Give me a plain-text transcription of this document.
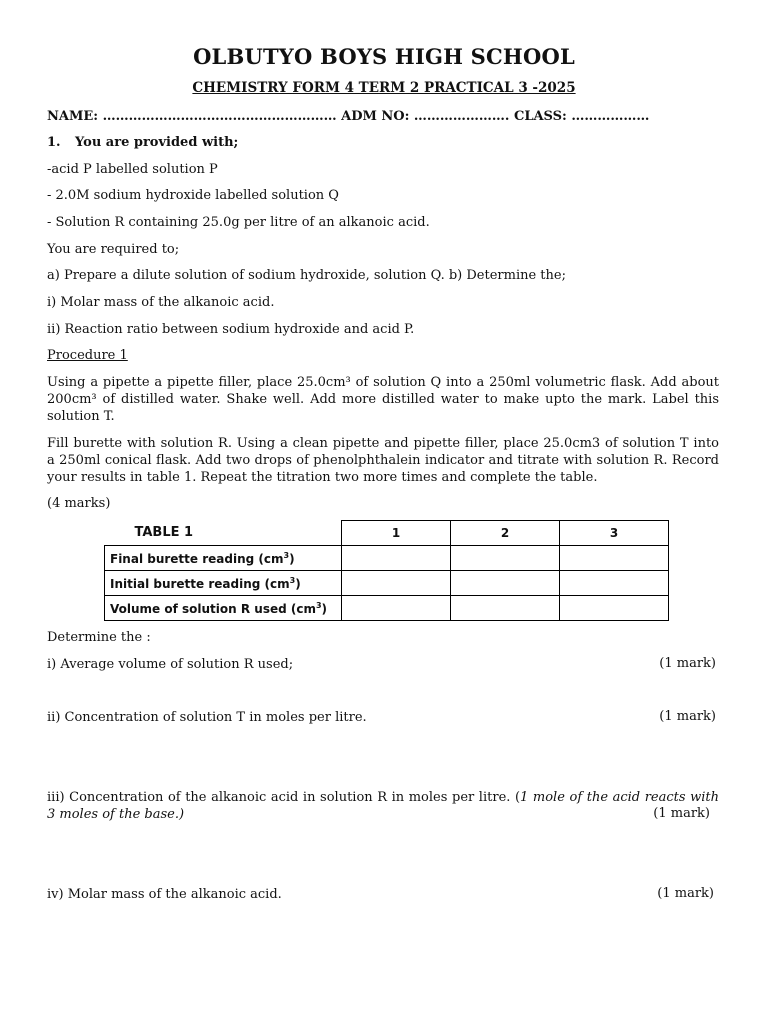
OLBUTYO BOYS HIGH SCHOOL
CHEMISTRY FORM 4 TERM 2 PRACTICAL 3 -2025
NAME: ……………………………………………… ADM NO: …………………. CLASS: ………………
1. You are provided with;
-acid P labelled solution P
- 2.0M sodium hydroxide labelled solution Q
- Solution R containing 25.0g per litre of an alkanoic acid.
You are required to;
a) Prepare a dilute solution of sodium hydroxide, solution Q. b) Determine the;
i) Molar mass of the alkanoic acid.
ii) Reaction ratio between sodium hydroxide and acid P.
Procedure 1
Using a pipette a pipette filler, place 25.0cm³ of solution Q into a 250ml volumetric flask. Add about 200cm³ of distilled water. Shake well. Add more distilled water to make upto the mark. Label this solution T.
Fill burette with solution R. Using a clean pipette and pipette filler, place 25.0cm3 of solution T into a 250ml conical flask. Add two drops of phenolphthalein indicator and titrate with solution R. Record your results in table 1. Repeat the titration two more times and complete the table.
(4 marks)
TABLE 1	1	2	3
Final burette reading $(cm^3)$			
Initial burette reading $(cm^3)$			
Volume of solution R used $(cm^3)$			
Determine the :
i) Average volume of solution R used;	(1 mark)
ii) Concentration of solution T in moles per litre.	(1 mark)
iii) Concentration of the alkanoic acid in solution R in moles per litre. (1 mole of the acid reacts with 3 moles of the base.)	(1 mark)
iv) Molar mass of the alkanoic acid.	(1 mark)
